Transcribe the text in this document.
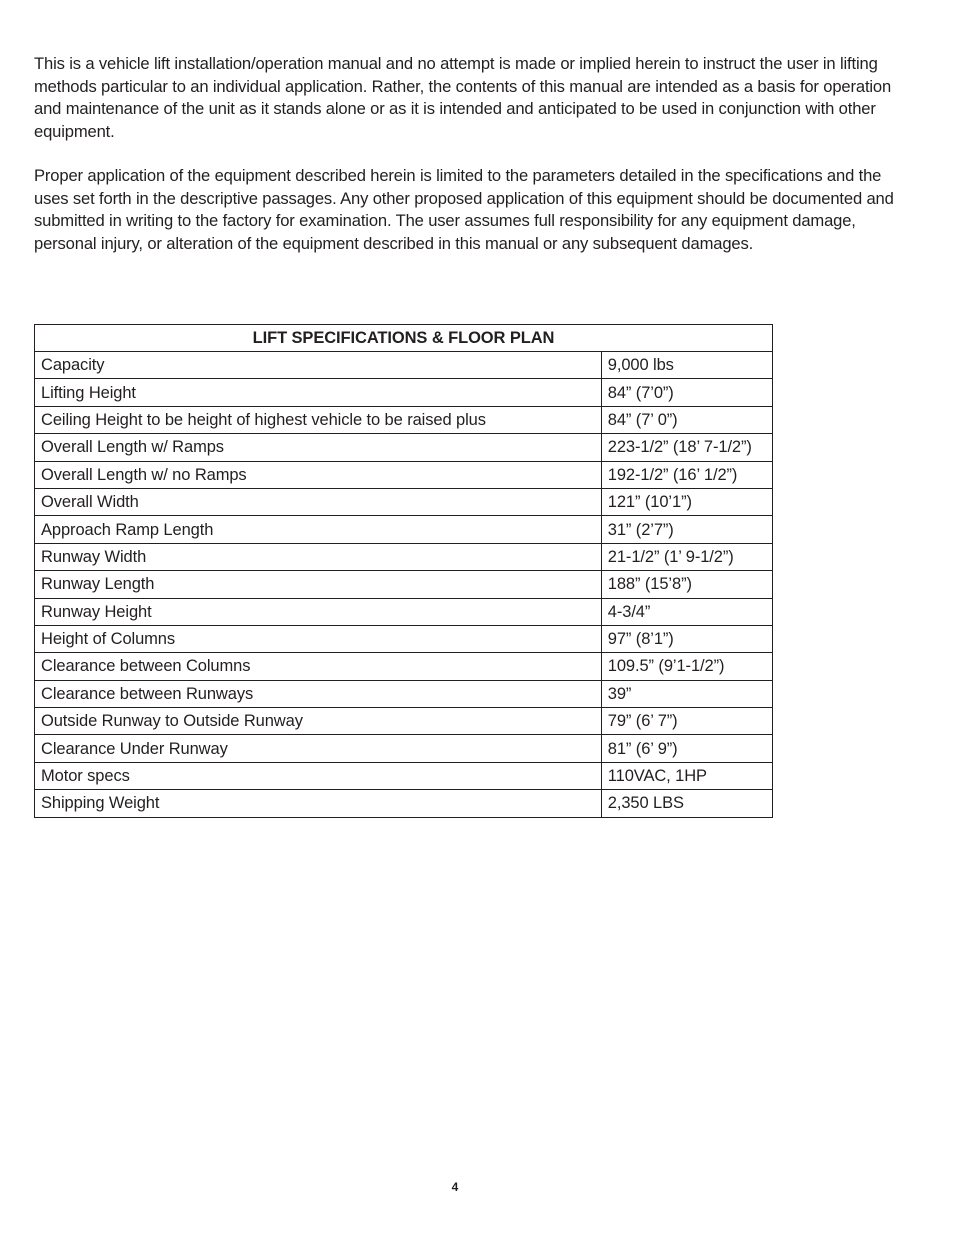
This is a vehicle lift installation/operation manual and no attempt is made or implied herein to instruct the user in lifting methods particular to an individual application. Rather, the contents of this manual are intended as a basis for operation and maintenance of the unit as it stands alone or as it is intended and anticipated to be used in conjunction with other equipment.

Proper application of the equipment described herein is limited to the parameters detailed in the specifications and the uses set forth in the descriptive passages. Any other proposed application of this equipment should be documented and submitted in writing to the factory for examination. The user assumes full responsibility for any equipment damage, personal injury, or alteration of the equipment described in this manual or any subsequent damages.

LIFT SPECIFICATIONS & FLOOR PLAN	
Capacity	9,000 lbs
Lifting Height	84” (7’0”)
Ceiling Height to be height of highest vehicle to be raised plus	84” (7’ 0”)
Overall Length w/ Ramps	223-1/2” (18’ 7-1/2”)
Overall Length w/ no Ramps	192-1/2” (16’ 1/2”)
Overall Width	121” (10’1”)
Approach Ramp Length	31” (2’7”)
Runway Width	21-1/2” (1’ 9-1/2”)
Runway Length	188” (15’8”)
Runway Height	4-3/4”
Height of Columns	97” (8’1”)
Clearance between Columns	109.5” (9’1-1/2”)
Clearance between Runways	39”
Outside Runway to Outside Runway	79” (6’ 7”)
Clearance Under Runway	81” (6’ 9”)
Motor specs	110VAC, 1HP
Shipping Weight	2,350 LBS
4
